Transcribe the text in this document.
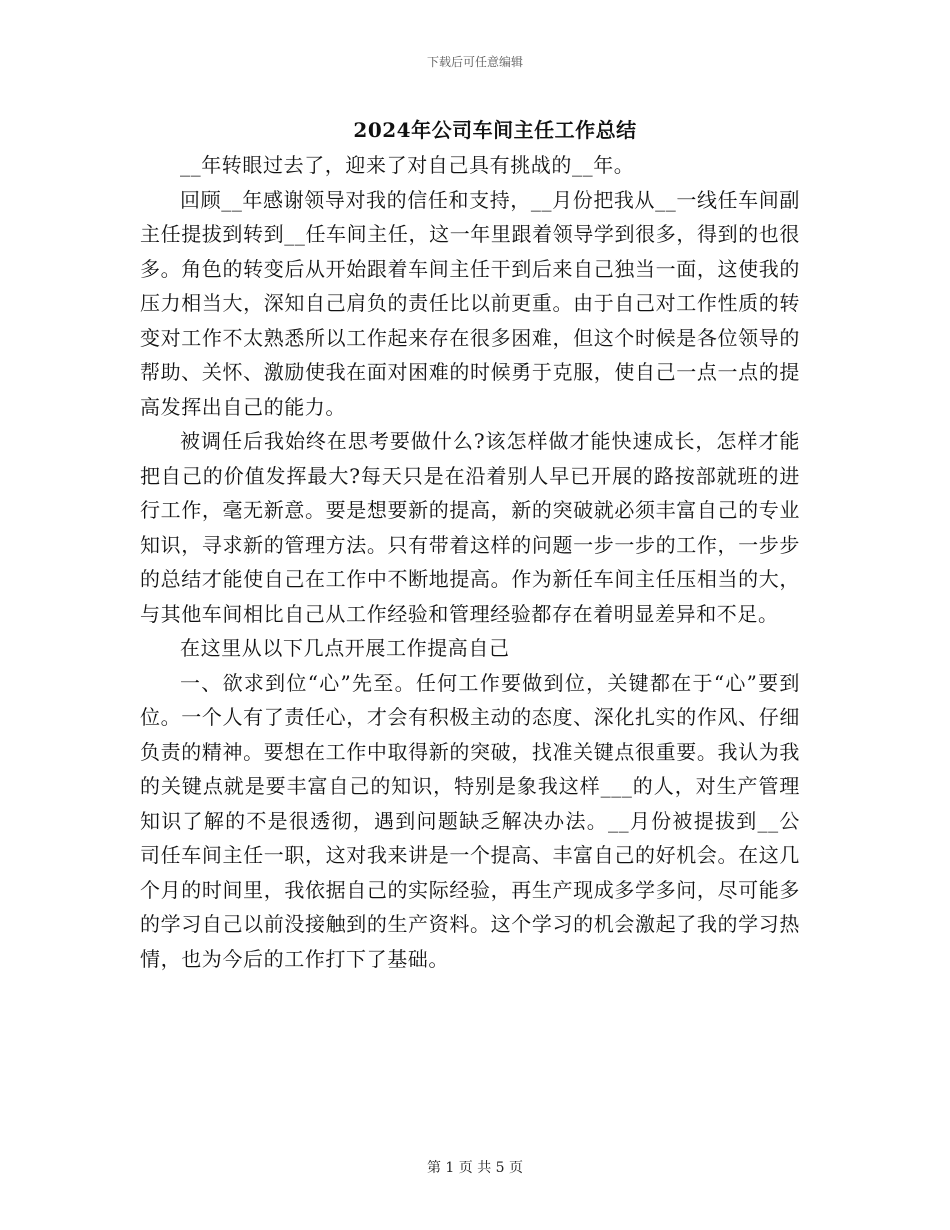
下载后可任意编辑
2024年公司车间主任工作总结

__年转眼过去了，迎来了对自己具有挑战的__年。

回顾__年感谢领导对我的信任和支持，__月份把我从__一线任车间副主任提拔到转到__任车间主任，这一年里跟着领导学到很多，得到的也很多。角色的转变后从开始跟着车间主任干到后来自己独当一面，这使我的压力相当大，深知自己肩负的责任比以前更重。由于自己对工作性质的转变对工作不太熟悉所以工作起来存在很多困难，但这个时候是各位领导的帮助、关怀、激励使我在面对困难的时候勇于克服，使自己一点一点的提高发挥出自己的能力。

被调任后我始终在思考要做什么?该怎样做才能快速成长，怎样才能把自己的价值发挥最大?每天只是在沿着别人早已开展的路按部就班的进行工作，毫无新意。要是想要新的提高，新的突破就必须丰富自己的专业知识，寻求新的管理方法。只有带着这样的问题一步一步的工作，一步步的总结才能使自己在工作中不断地提高。作为新任车间主任压相当的大，与其他车间相比自己从工作经验和管理经验都存在着明显差异和不足。

在这里从以下几点开展工作提高自己

一、欲求到位“心”先至。任何工作要做到位，关键都在于“心”要到位。一个人有了责任心，才会有积极主动的态度、深化扎实的作风、仔细负责的精神。要想在工作中取得新的突破，找准关键点很重要。我认为我的关键点就是要丰富自己的知识，特别是象我这样___的人，对生产管理知识了解的不是很透彻，遇到问题缺乏解决办法。__月份被提拔到__公司任车间主任一职，这对我来讲是一个提高、丰富自己的好机会。在这几个月的时间里，我依据自己的实际经验，再生产现成多学多问，尽可能多的学习自己以前没接触到的生产资料。这个学习的机会激起了我的学习热情，也为今后的工作打下了基础。

第 1 页 共 5 页
